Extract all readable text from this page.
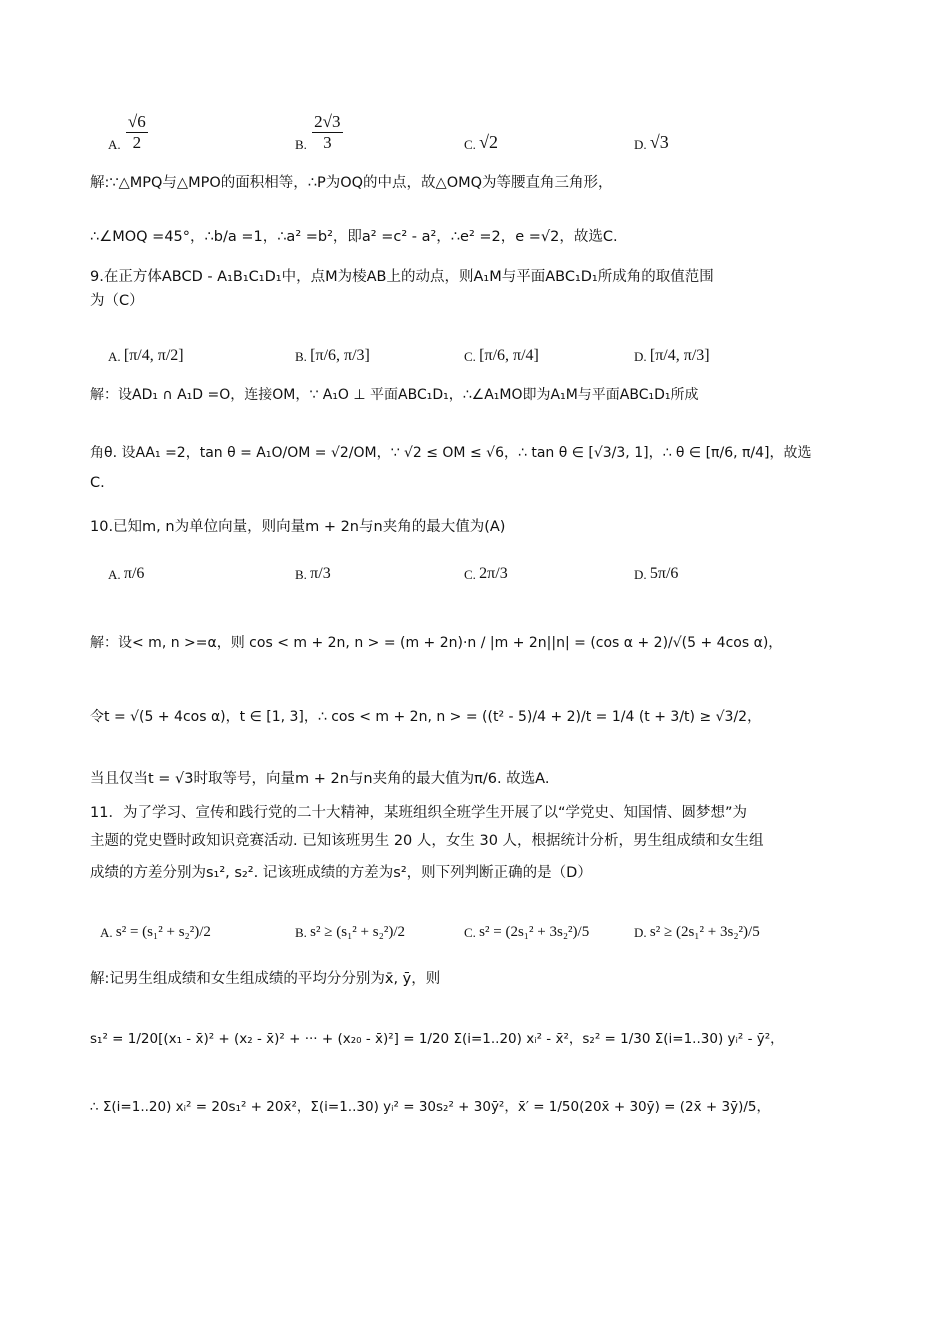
A. $\frac{√6}{2}$	B. $\frac{2√3}{3}$	C. √2	D. √3
解:∵△MPQ与△MPO的面积相等，∴P为OQ的中点，故△OMQ为等腰直角三角形，
∴∠MOQ =45°，∴b/a =1，∴a² =b²，即a² =c² - a²，∴e² =2，e =√2，故选C.
9.在正方体ABCD - A₁B₁C₁D₁中，点M为棱AB上的动点，则A₁M与平面ABC₁D₁所成角的取值范围
为（C）
A. [π/4, π/2]	B. [π/6, π/3]	C. [π/6, π/4]	D. [π/4, π/3]
解：设AD₁ ∩ A₁D =O，连接OM，∵ A₁O ⊥ 平面ABC₁D₁，∴∠A₁MO即为A₁M与平面ABC₁D₁所成
角θ. 设AA₁ =2，tan θ = A₁O/OM = √2/OM，∵ √2 ≤ OM ≤ √6，∴ tan θ ∈ [√3/3, 1]，∴ θ ∈ [π/6, π/4]，故选
C.
10.已知m, n为单位向量，则向量m + 2n与n夹角的最大值为(A)
A. π/6	B. π/3	C. 2π/3	D. 5π/6
解：设< m, n >=α，则 cos < m + 2n, n > = (m + 2n)·n / |m + 2n||n| = (cos α + 2)/√(5 + 4cos α)，
令t = √(5 + 4cos α)，t ∈ [1, 3]，∴ cos < m + 2n, n > = ((t² - 5)/4 + 2)/t = 1/4 (t + 3/t) ≥ √3/2，
当且仅当t = √3时取等号，向量m + 2n与n夹角的最大值为π/6. 故选A.
11．为了学习、宣传和践行党的二十大精神，某班组织全班学生开展了以“学党史、知国情、圆梦想”为
主题的党史暨时政知识竞赛活动. 已知该班男生 20 人，女生 30 人，根据统计分析，男生组成绩和女生组
成绩的方差分别为s₁², s₂². 记该班成绩的方差为s²，则下列判断正确的是（D）
A. s² = (s₁² + s₂²)/2	B. s² ≥ (s₁² + s₂²)/2	C. s² = (2s₁² + 3s₂²)/5	D. s² ≥ (2s₁² + 3s₂²)/5
解:记男生组成绩和女生组成绩的平均分分别为x̄, ȳ，则
s₁² = 1/20[(x₁ - x̄)² + (x₂ - x̄)² + ··· + (x₂₀ - x̄)²] = 1/20 Σ(i=1..20) xᵢ² - x̄²，s₂² = 1/30 Σ(i=1..30) yᵢ² - ȳ²，
∴ Σ(i=1..20) xᵢ² = 20s₁² + 20x̄²，Σ(i=1..30) yᵢ² = 30s₂² + 30ȳ²，x̄′ = 1/50(20x̄ + 30ȳ) = (2x̄ + 3ȳ)/5，
